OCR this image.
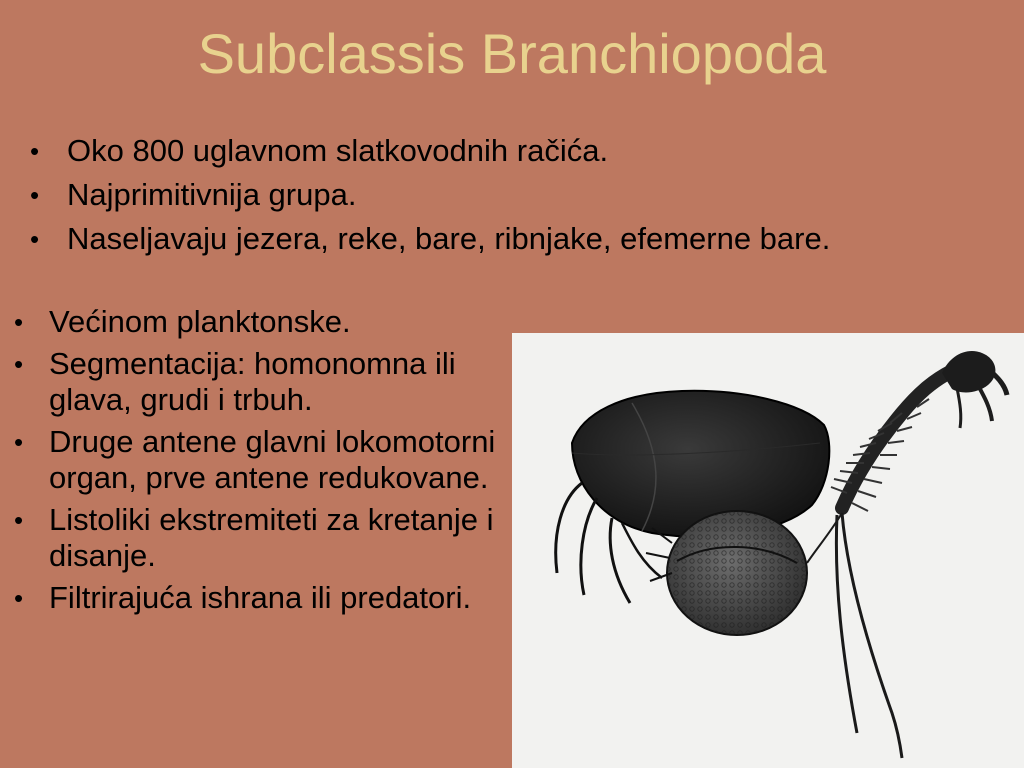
Subclassis Branchiopoda
• Oko 800 uglavnom slatkovodnih račića.
• Najprimitivnija grupa.
• Naseljavaju jezera, reke, bare, ribnjake, efemerne bare.
• Većinom planktonske.
• Segmentacija: homonomna ili glava, grudi i trbuh.
• Druge antene glavni lokomotorni organ, prve antene redukovane.
• Listoliki ekstremiteti za kretanje i disanje.
• Filtrirajuća ishrana ili predatori.
